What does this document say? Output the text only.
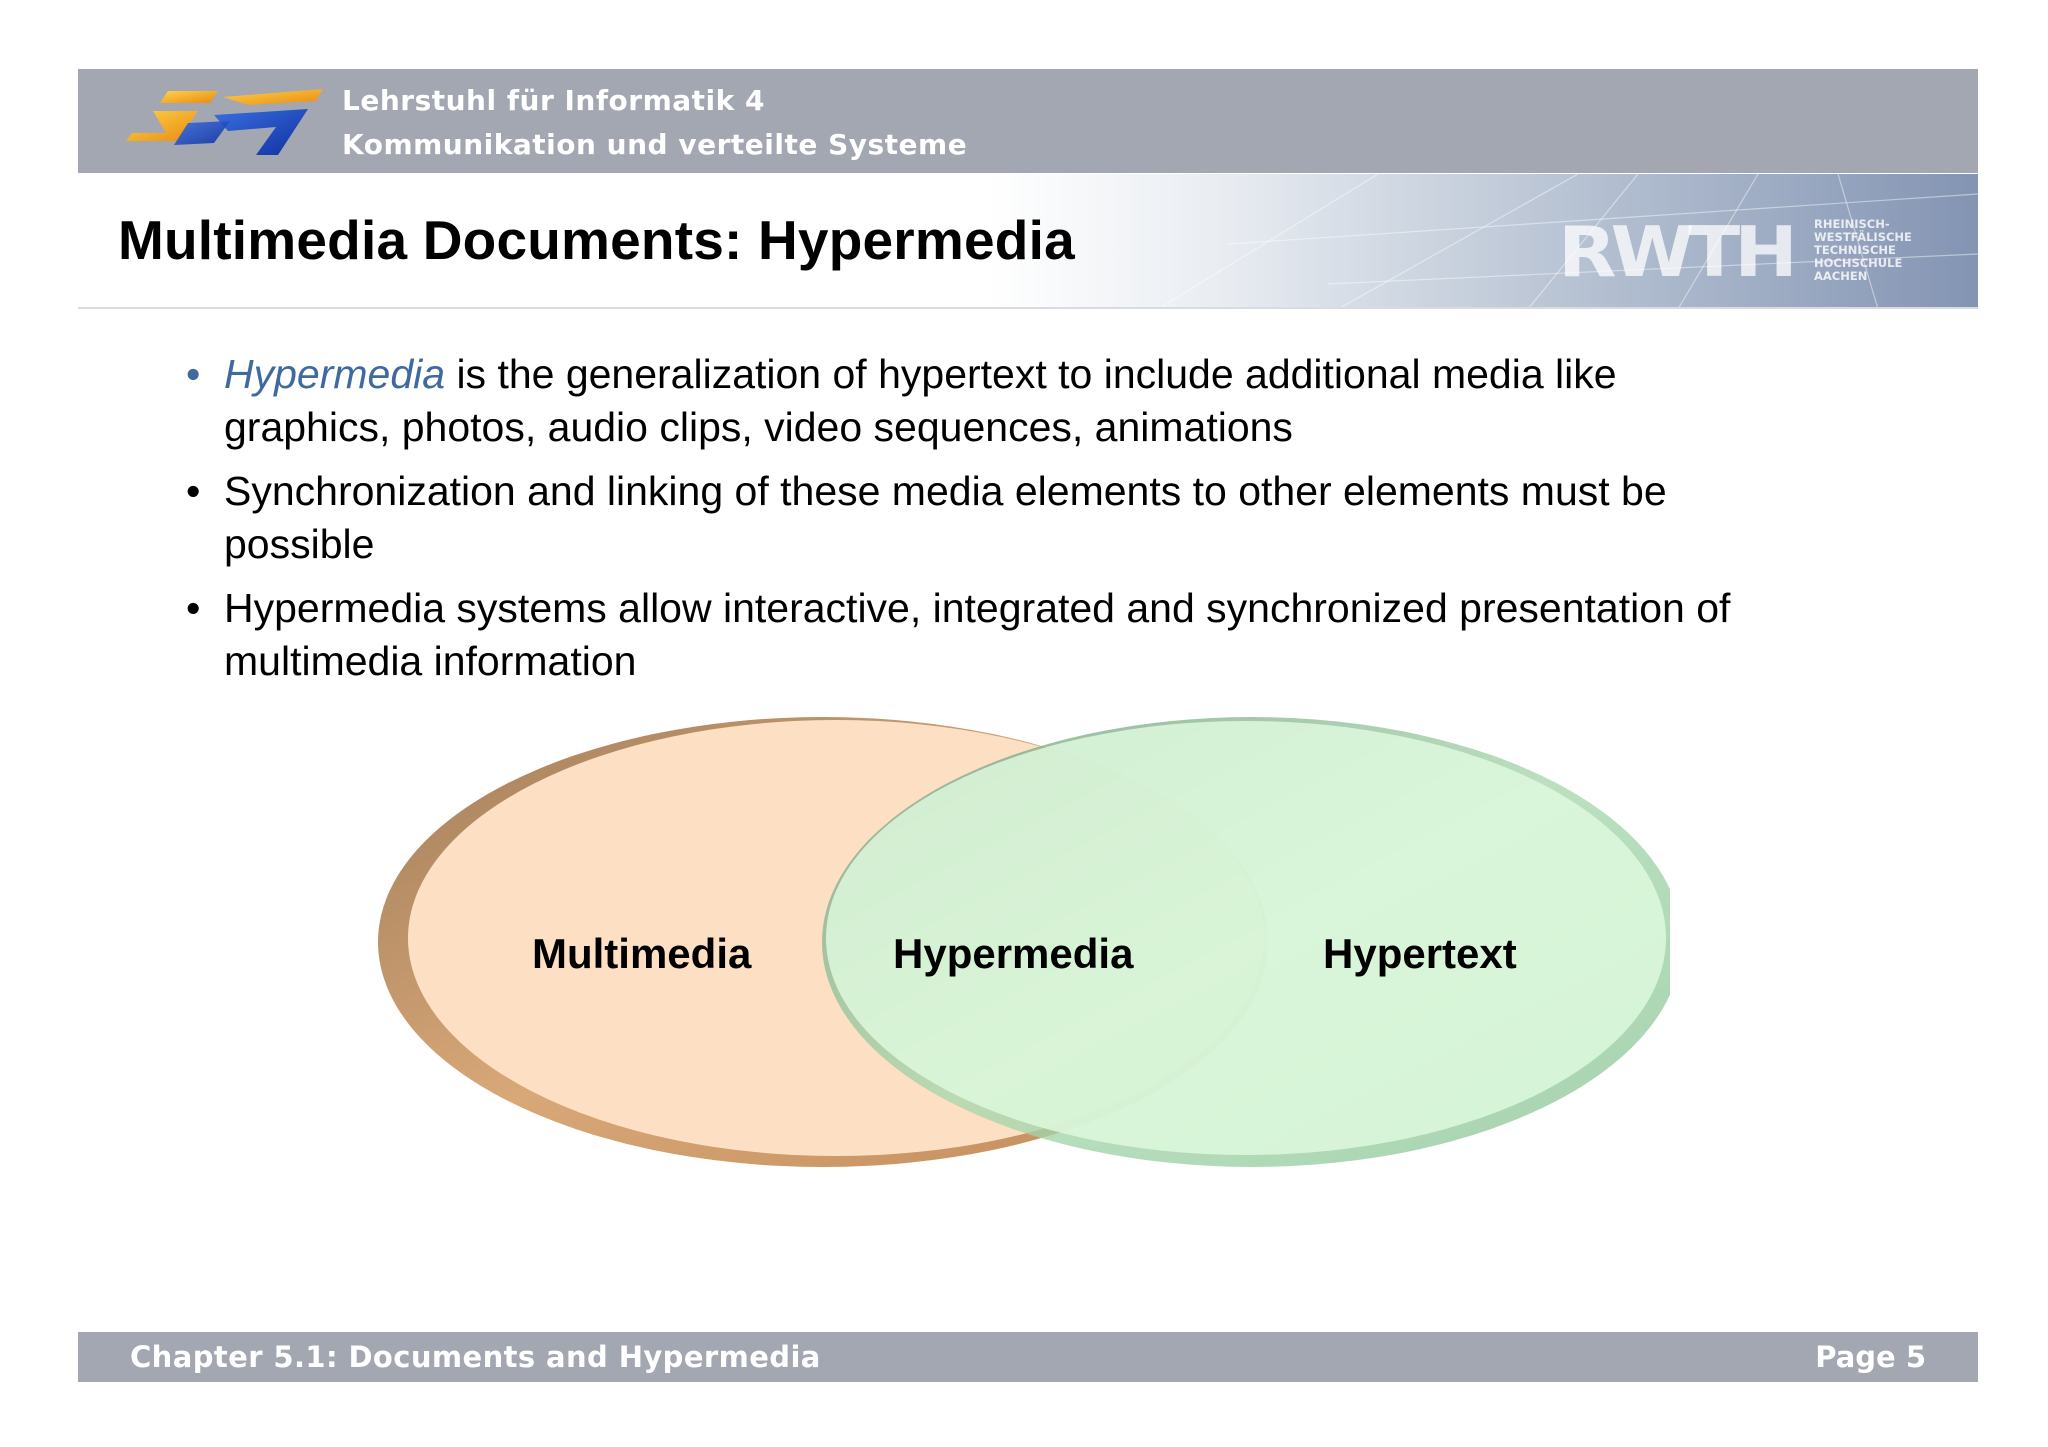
Lehrstuhl für Informatik 4
Kommunikation und verteilte Systeme
RWTH RHEINISCH-
WESTFÄLISCHE
TECHNISCHE
HOCHSCHULE
AACHEN
Multimedia Documents: Hypermedia
• Hypermedia is the generalization of hypertext to include additional media like
graphics, photos, audio clips, video sequences, animations
• Synchronization and linking of these media elements to other elements must be
possible
• Hypermedia systems allow interactive, integrated and synchronized presentation of
multimedia information
Multimedia	Hypermedia	Hypertext
Chapter 5.1: Documents and Hypermedia	Page 5
